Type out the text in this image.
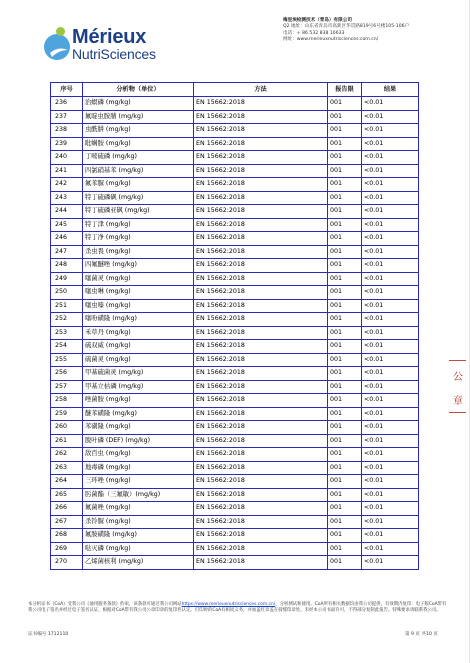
Mérieux
NutriSciences
梅里埃检测技术（青岛）有限公司
Q2 地址：山东省青岛市高新区华贯路819号6号楼105-106户
电话：+ 86 532 838 16633
网址：www.merieuxnutrisciences.com.cn/
序号	分析物（单位）	方法	报告限	结果
236	治螟磷 (mg/kg)	EN 15662:2018	001	<0.01
237	氟啶虫胺腈 (mg/kg)	EN 15662:2018	001	<0.01
238	虫酰肼 (mg/kg)	EN 15662:2018	001	<0.01
239	吡螨胺 (mg/kg)	EN 15662:2018	001	<0.01
240	丁嘧硫磷 (mg/kg)	EN 15662:2018	001	<0.01
241	四氯硝基苯 (mg/kg)	EN 15662:2018	001	<0.01
242	氟苯脲 (mg/kg)	EN 15662:2018	001	<0.01
243	特丁硫磷砜 (mg/kg)	EN 15662:2018	001	<0.01
244	特丁硫磷亚砜 (mg/kg)	EN 15662:2018	001	<0.01
245	特丁津 (mg/kg)	EN 15662:2018	001	<0.01
246	特丁净 (mg/kg)	EN 15662:2018	001	<0.01
247	杀虫畏 (mg/kg)	EN 15662:2018	001	<0.01
248	四氟醚唑 (mg/kg)	EN 15662:2018	001	<0.01
249	噻菌灵 (mg/kg)	EN 15662:2018	001	<0.01
250	噻虫啉 (mg/kg)	EN 15662:2018	001	<0.01
251	噻虫嗪 (mg/kg)	EN 15662:2018	001	<0.01
252	噻吩磺隆 (mg/kg)	EN 15662:2018	001	<0.01
253	禾草丹 (mg/kg)	EN 15662:2018	001	<0.01
254	硫双威 (mg/kg)	EN 15662:2018	001	<0.01
255	硫菌灵 (mg/kg)	EN 15662:2018	001	<0.01
256	甲基硫菌灵 (mg/kg)	EN 15662:2018	001	<0.01
257	甲基立枯磷 (mg/kg)	EN 15662:2018	001	<0.01
258	唑菌胺 (mg/kg)	EN 15662:2018	001	<0.01
259	醚苯磺隆 (mg/kg)	EN 15662:2018	001	<0.01
260	苯磺隆 (mg/kg)	EN 15662:2018	001	<0.01
261	脱叶磷 (DEF) (mg/kg)	EN 15662:2018	001	<0.01
262	敌百虫 (mg/kg)	EN 15662:2018	001	<0.01
263	地毒磷 (mg/kg)	EN 15662:2018	001	<0.01
264	三环唑 (mg/kg)	EN 15662:2018	001	<0.01
265	肟菌酯（三氟敏）(mg/kg)	EN 15662:2018	001	<0.01
266	氟菌唑 (mg/kg)	EN 15662:2018	001	<0.01
267	杀铃脲 (mg/kg)	EN 15662:2018	001	<0.01
268	氟胺磺隆 (mg/kg)	EN 15662:2018	001	<0.01
269	哒灭磷 (mg/kg)	EN 15662:2018	001	<0.01
270	乙烯菌核利 (mg/kg)	EN 15662:2018	001	<0.01
公
章
本分析证书（CoA）受我公司《通用服务条款》约束，该条款可通过我公司网站https://www.merieuxnutrisciences.com.cn/，分析测试和使用。CoA所有相关数据均由我公司提供，有效期内复印：电子版CoA带有我公司电子签名并经过电子签名认证，根据对CoA带有我公司公章印章的复印件认定。打印时的CoA有相同义务，并加盖红章盖在骑缝印章处。未经本公司书面许可，不得部分复制此报告。特殊要求请联系我公司。
证书编号 1712110	第 9 页 共10 页
